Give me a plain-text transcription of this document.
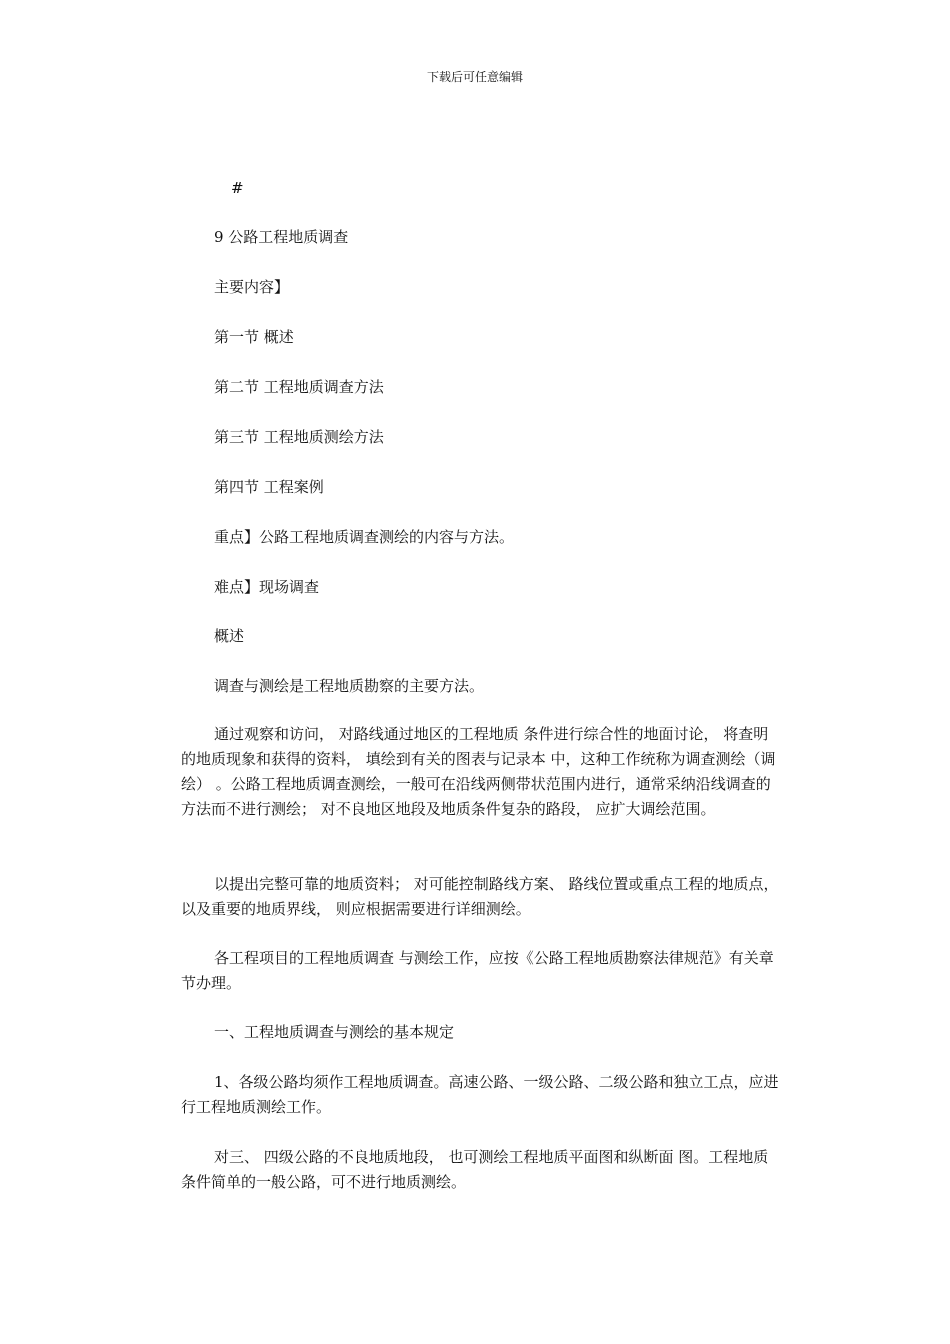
下载后可任意编辑
#
9 公路工程地质调查
主要内容】
第一节 概述
第二节 工程地质调查方法
第三节 工程地质测绘方法
第四节 工程案例
重点】公路工程地质调查测绘的内容与方法。
难点】现场调查
概述
调查与测绘是工程地质勘察的主要方法。

通过观察和访问， 对路线通过地区的工程地质 条件进行综合性的地面讨论， 将查明的地质现象和获得的资料， 填绘到有关的图表与记录本 中，这种工作统称为调查测绘（调绘） 。公路工程地质调查测绘，一般可在沿线两侧带状范围内进行，通常采纳沿线调查的方法而不进行测绘； 对不良地区地段及地质条件复杂的路段， 应扩大调绘范围。

以提出完整可靠的地质资料； 对可能控制路线方案、 路线位置或重点工程的地质点， 以及重要的地质界线， 则应根据需要进行详细测绘。

各工程项目的工程地质调查 与测绘工作，应按《公路工程地质勘察法律规范》有关章节办理。

一、工程地质调查与测绘的基本规定

1、各级公路均须作工程地质调查。高速公路、一级公路、二级公路和独立工点，应进 行工程地质测绘工作。

对三、 四级公路的不良地质地段， 也可测绘工程地质平面图和纵断面 图。工程地质条件简单的一般公路，可不进行地质测绘。
